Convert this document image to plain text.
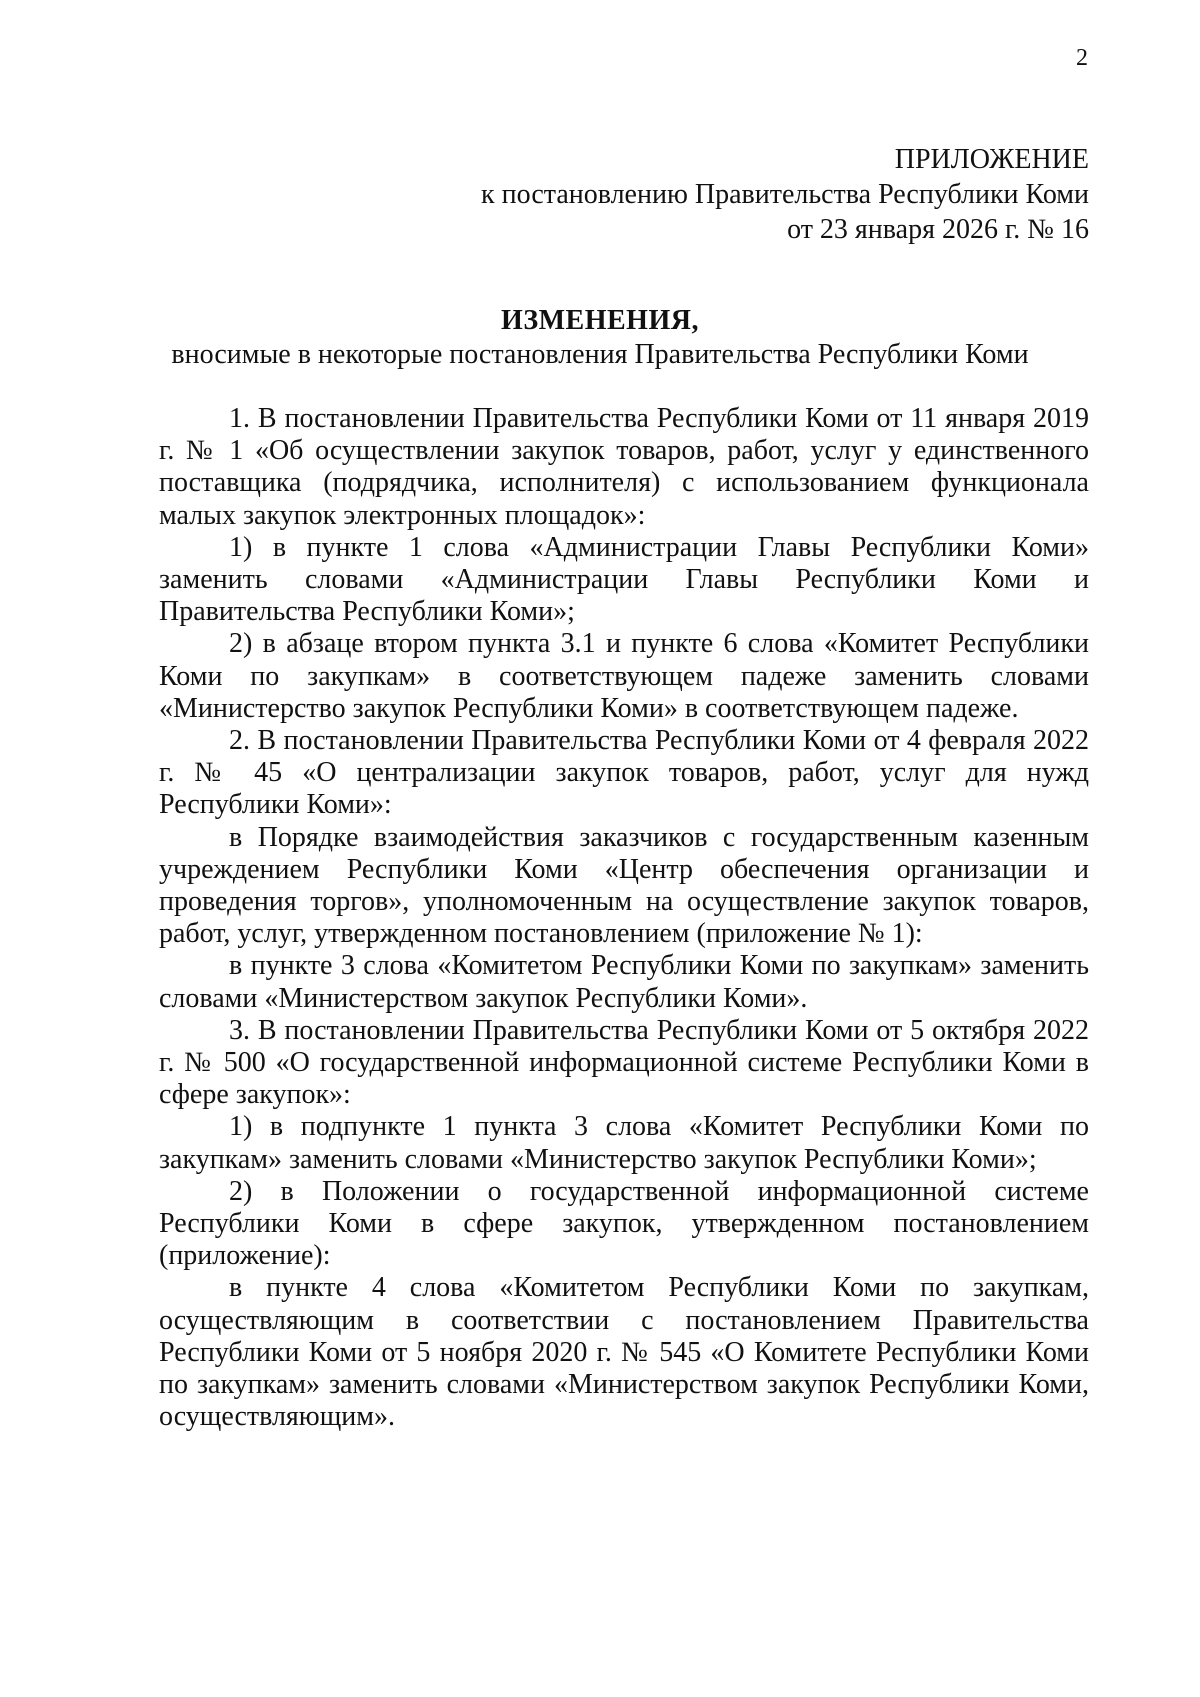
2
ПРИЛОЖЕНИЕ
к постановлению Правительства Республики Коми
от 23 января 2026 г. № 16
ИЗМЕНЕНИЯ,
вносимые в некоторые постановления Правительства Республики Коми

1. В постановлении Правительства Республики Коми от 11 января 2019 г. № 1 «Об осуществлении закупок товаров, работ, услуг у единственного поставщика (подрядчика, исполнителя) с использованием функционала малых закупок электронных площадок»:

1) в пункте 1 слова «Администрации Главы Республики Коми» заменить словами «Администрации Главы Республики Коми и Правительства Республики Коми»;

2) в абзаце втором пункта 3.1 и пункте 6 слова «Комитет Республики Коми по закупкам» в соответствующем падеже заменить словами «Министерство закупок Республики Коми» в соответствующем падеже.

2. В постановлении Правительства Республики Коми от 4 февраля 2022 г. № 45 «О централизации закупок товаров, работ, услуг для нужд Республики Коми»:

в Порядке взаимодействия заказчиков с государственным казенным учреждением Республики Коми «Центр обеспечения организации и проведения торгов», уполномоченным на осуществление закупок товаров, работ, услуг, утвержденном постановлением (приложение № 1):

в пункте 3 слова «Комитетом Республики Коми по закупкам» заменить словами «Министерством закупок Республики Коми».

3. В постановлении Правительства Республики Коми от 5 октября 2022 г. № 500 «О государственной информационной системе Республики Коми в сфере закупок»:

1) в подпункте 1 пункта 3 слова «Комитет Республики Коми по закупкам» заменить словами «Министерство закупок Республики Коми»;

2) в Положении о государственной информационной системе Республики Коми в сфере закупок, утвержденном постановлением (приложение):

в пункте 4 слова «Комитетом Республики Коми по закупкам, осуществляющим в соответствии с постановлением Правительства Республики Коми от 5 ноября 2020 г. № 545 «О Комитете Республики Коми по закупкам» заменить словами «Министерством закупок Республики Коми, осуществляющим».
